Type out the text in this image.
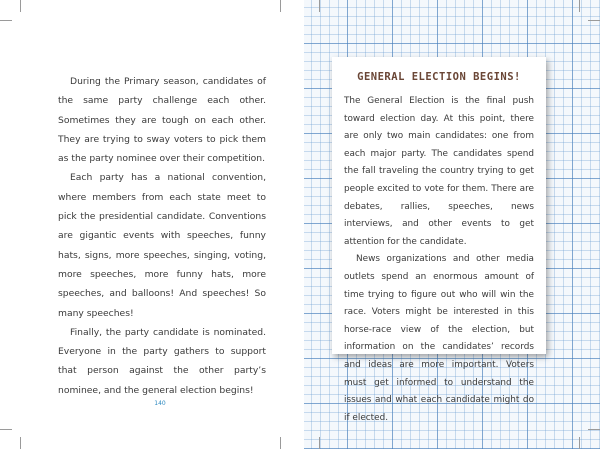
During the Primary season, candidates of the same party challenge each other. Sometimes they are tough on each other. They are trying to sway voters to pick them as the party nominee over their competition.

Each party has a national convention, where members from each state meet to pick the presidential candidate. Conventions are gigantic events with speeches, funny hats, signs, more speeches, singing, voting, more speeches, more funny hats, more speeches, and balloons! And speeches! So many speeches!

Finally, the party candidate is nominated. Everyone in the party gathers to support that person against the other party’s nominee, and the general election begins!

140
GENERAL ELECTION BEGINS!

The General Election is the final push toward election day. At this point, there are only two main candidates: one from each major party. The candidates spend the fall traveling the country trying to get people excited to vote for them. There are debates, rallies, speeches, news interviews, and other events to get attention for the candidate.

News organizations and other media outlets spend an enormous amount of time trying to figure out who will win the race. Voters might be interested in this horse-race view of the election, but information on the candidates’ records and ideas are more important. Voters must get informed to understand the issues and what each candidate might do if elected.
